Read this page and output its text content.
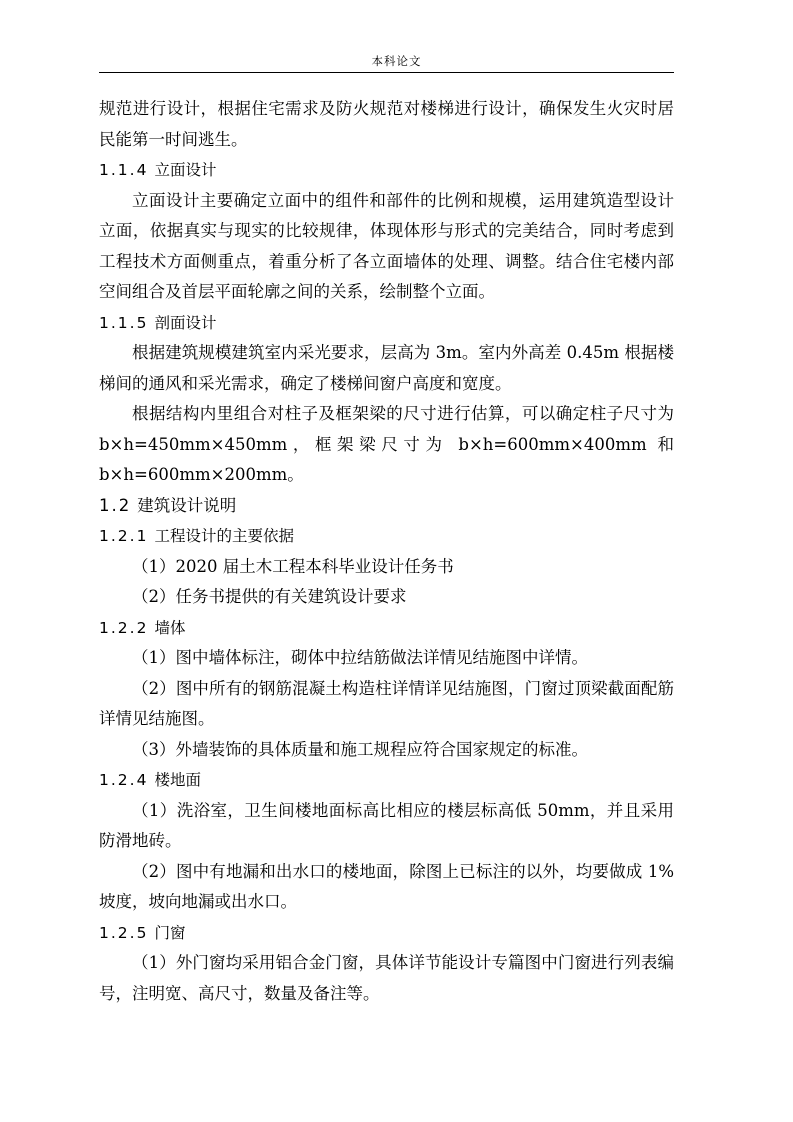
本科论文
规范进行设计，根据住宅需求及防火规范对楼梯进行设计，确保发生火灾时居民能第一时间逃生。
1.1.4 立面设计
立面设计主要确定立面中的组件和部件的比例和规模，运用建筑造型设计立面，依据真实与现实的比较规律，体现体形与形式的完美结合，同时考虑到工程技术方面侧重点，着重分析了各立面墙体的处理、调整。结合住宅楼内部空间组合及首层平面轮廓之间的关系，绘制整个立面。
1.1.5 剖面设计
根据建筑规模建筑室内采光要求，层高为 3m。室内外高差 0.45m 根据楼梯间的通风和采光需求，确定了楼梯间窗户高度和宽度。
根据结构内里组合对柱子及框架梁的尺寸进行估算，可以确定柱子尺寸为 b×h=450mm×450mm，框架梁尺寸为 b×h=600mm×400mm 和 b×h=600mm×200mm。
1.2 建筑设计说明
1.2.1 工程设计的主要依据
（1）2020 届土木工程本科毕业设计任务书
（2）任务书提供的有关建筑设计要求
1.2.2 墙体
（1）图中墙体标注，砌体中拉结筋做法详情见结施图中详情。
（2）图中所有的钢筋混凝土构造柱详情详见结施图，门窗过顶梁截面配筋详情见结施图。
（3）外墙装饰的具体质量和施工规程应符合国家规定的标准。
1.2.4 楼地面
（1）洗浴室，卫生间楼地面标高比相应的楼层标高低 50mm，并且采用防滑地砖。
（2）图中有地漏和出水口的楼地面，除图上已标注的以外，均要做成 1%坡度，坡向地漏或出水口。
1.2.5 门窗
（1）外门窗均采用铝合金门窗，具体详节能设计专篇图中门窗进行列表编号，注明宽、高尺寸，数量及备注等。
